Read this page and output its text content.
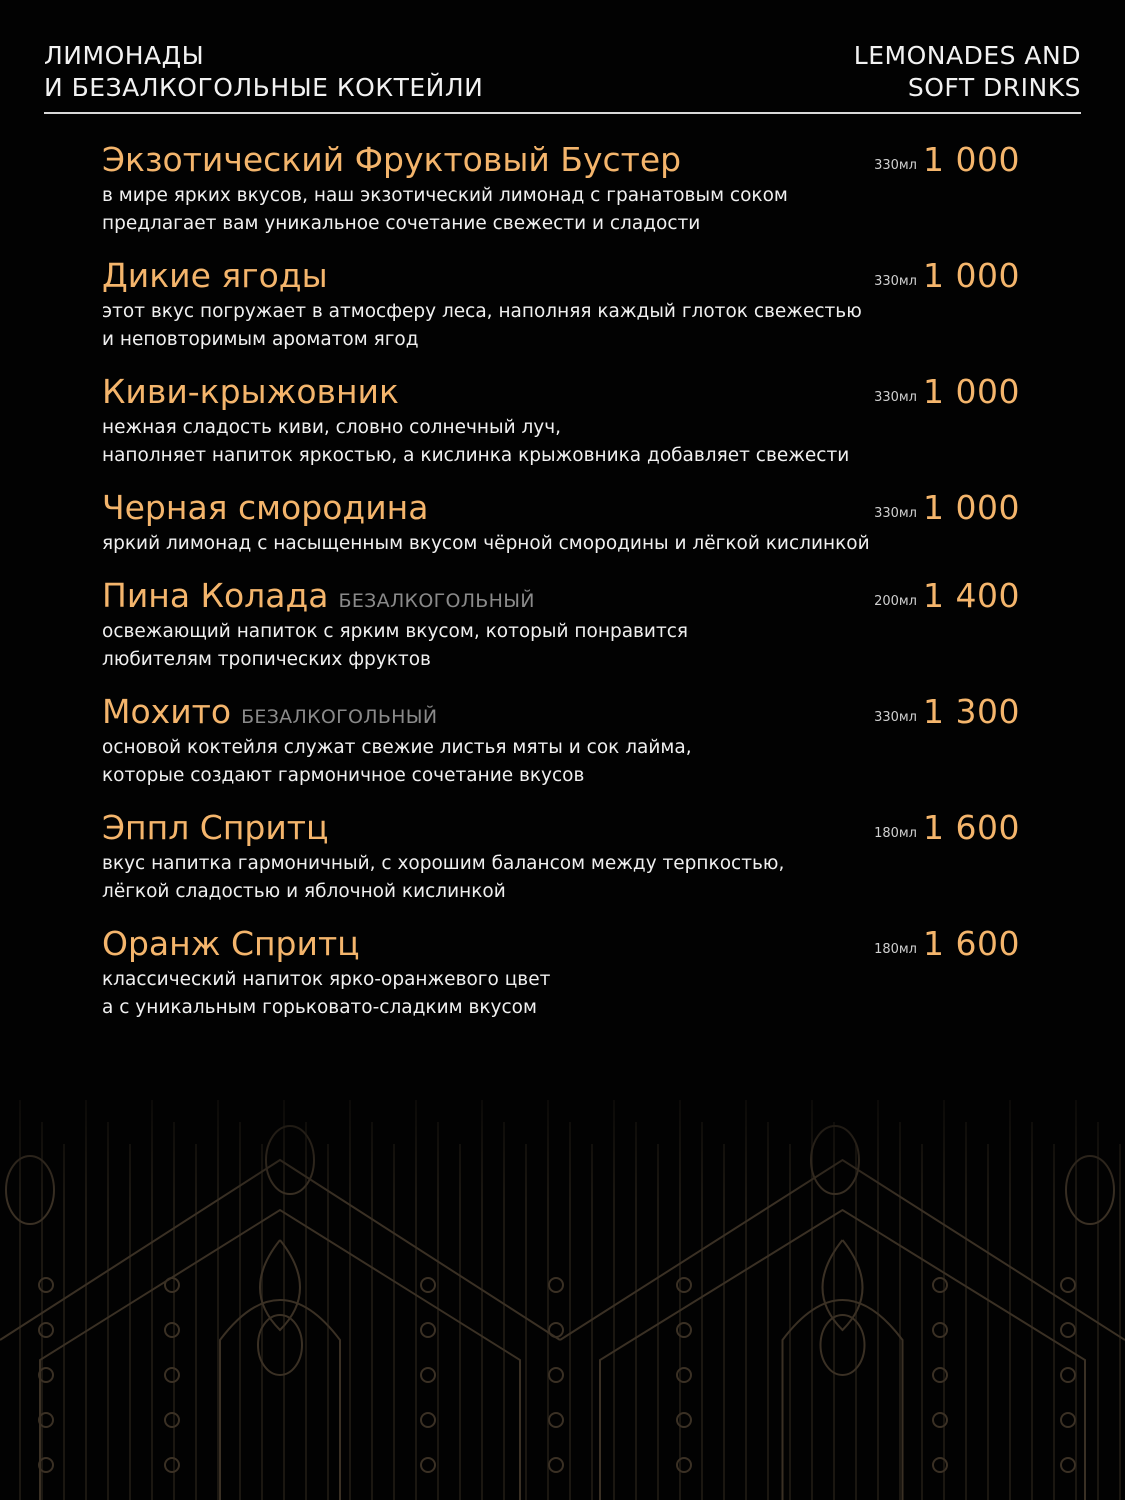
ЛИМОНАДЫ
И БЕЗАЛКОГОЛЬНЫЕ КОКТЕЙЛИ
LEMONADES AND
SOFT DRINKS
Экзотический Фруктовый Бустер	330мл 1 000
в мире ярких вкусов, наш экзотический лимонад с гранатовым соком
предлагает вам уникальное сочетание свежести и сладости
Дикие ягоды	330мл 1 000
этот вкус погружает в атмосферу леса, наполняя каждый глоток свежестью
и неповторимым ароматом ягод
Киви-крыжовник	330мл 1 000
нежная сладость киви, словно солнечный луч,
наполняет напиток яркостью, а кислинка крыжовника добавляет свежести
Черная смородина	330мл 1 000
яркий лимонад с насыщенным вкусом чёрной смородины и лёгкой кислинкой
Пина Колада БЕЗАЛКОГОЛЬНЫЙ	200мл 1 400
освежающий напиток с ярким вкусом, который понравится
любителям тропических фруктов
Мохито БЕЗАЛКОГОЛЬНЫЙ	330мл 1 300
основой коктейля служат свежие листья мяты и сок лайма,
которые создают гармоничное сочетание вкусов
Эппл Спритц	180мл 1 600
вкус напитка гармоничный, с хорошим балансом между терпкостью,
лёгкой сладостью и яблочной кислинкой
Оранж Спритц	180мл 1 600
классический напиток ярко-оранжевого цвет
а с уникальным горьковато-сладким вкусом
